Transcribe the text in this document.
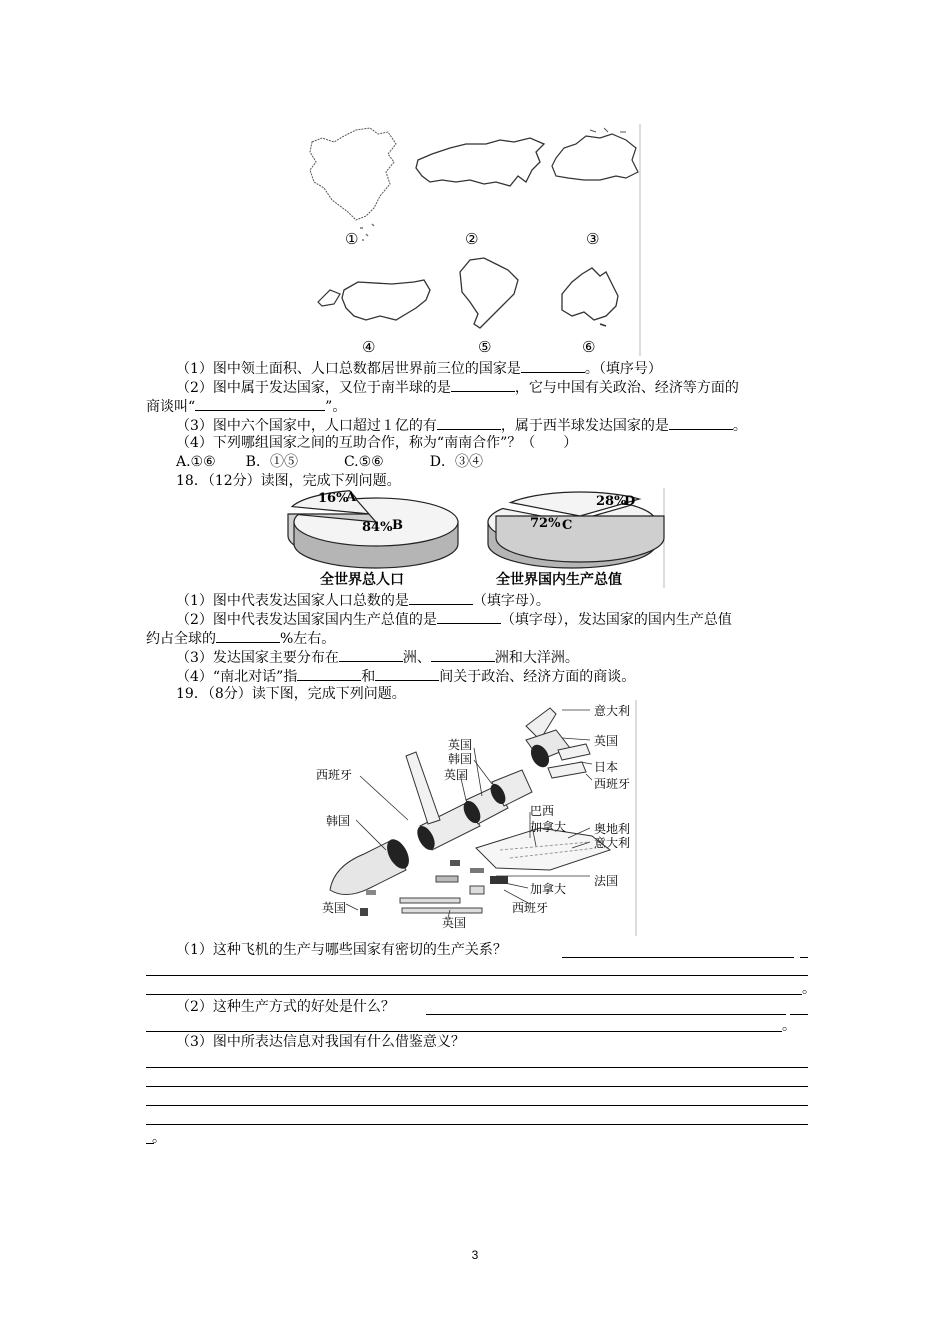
①	②	③
④	⑤	⑥
（1）图中领土面积、人口总数都居世界前三位的国家是	。（填序号）
（2）图中属于发达国家，又位于南半球的是	，它与中国有关政治、经济等方面的
商谈叫“	”。
（3）图中六个国家中，人口超过１亿的有	，属于西半球发达国家的是	。
（4）下列哪组国家之间的互助合作，称为“南南合作”？（　　）
A.①⑥ B．①⑤	C.⑤⑥	D．③④
18．（12分）读图，完成下列问题。
16%
A
84% B	72% C
28%
D
全世界总人口	全世界国内生产总值
（1）图中代表发达国家人口总数的是	（填字母）。
（2）图中代表发达国家国内生产总值的是	（填字母），发达国家的国内生产总值
约占全球的	%左右。
（3）发达国家主要分布在	洲、	洲和大洋洲。
（4）“南北对话”指	和	间关于政治、经济方面的商谈。
19．（8分）读下图，完成下列问题。
意大利
英国
日本
西班牙
英国
韩国
英国
西班牙
韩国
巴西
加拿大 奥地利
意大利
法国
加拿大
西班牙
英国
英国
（1）这种飞机的生产与哪些国家有密切的生产关系？
。
（2）这种生产方式的好处是什么？
。
（3）图中所表达信息对我国有什么借鉴意义？
。
3
